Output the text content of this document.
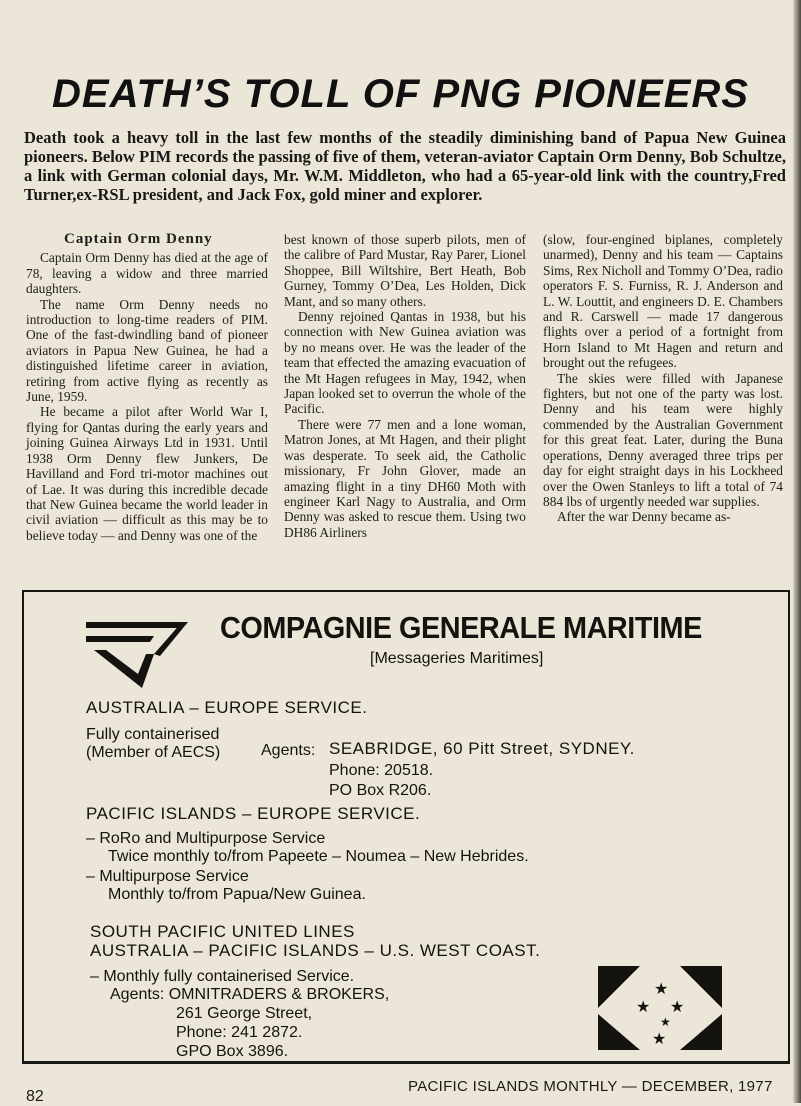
DEATH’S TOLL OF PNG PIONEERS
Death took a heavy toll in the last few months of the steadily diminishing band of Papua New Guinea pioneers. Below PIM records the passing of five of them, veteran-aviator Captain Orm Denny, Bob Schultze, a link with German colonial days, Mr. W.M. Middleton, who had a 65-year-old link with the country,Fred Turner,ex-RSL president, and Jack Fox, gold miner and explorer.
Captain Orm Denny

Captain Orm Denny has died at the age of 78, leaving a widow and three married daughters.

The name Orm Denny needs no introduction to long-time readers of PIM. One of the fast-dwindling band of pioneer aviators in Papua New Guinea, he had a distinguished lifetime career in aviation, retiring from active flying as recently as June, 1959.

He became a pilot after World War I, flying for Qantas during the early years and joining Guinea Airways Ltd in 1931. Until 1938 Orm Denny flew Junkers, De Havilland and Ford tri-motor machines out of Lae. It was during this incredible decade that New Guinea became the world leader in civil aviation — difficult as this may be to believe today — and Denny was one of the

best known of those superb pilots, men of the calibre of Pard Mustar, Ray Parer, Lionel Shoppee, Bill Wiltshire, Bert Heath, Bob Gurney, Tommy O’Dea, Les Holden, Dick Mant, and so many others.

Denny rejoined Qantas in 1938, but his connection with New Guinea aviation was by no means over. He was the leader of the team that effected the amazing evacuation of the Mt Hagen refugees in May, 1942, when Japan looked set to overrun the whole of the Pacific.

There were 77 men and a lone woman, Matron Jones, at Mt Hagen, and their plight was desperate. To seek aid, the Catholic missionary, Fr John Glover, made an amazing flight in a tiny DH60 Moth with engineer Karl Nagy to Australia, and Orm Denny was asked to rescue them. Using two DH86 Airliners

(slow, four-engined biplanes, completely unarmed), Denny and his team — Captains Sims, Rex Nicholl and Tommy O’Dea, radio operators F. S. Furniss, R. J. Anderson and L. W. Louttit, and engineers D. E. Chambers and R. Carswell — made 17 dangerous flights over a period of a fortnight from Horn Island to Mt Hagen and return and brought out the refugees.

The skies were filled with Japanese fighters, but not one of the party was lost. Denny and his team were highly commended by the Australian Government for this great feat. Later, during the Buna operations, Denny averaged three trips per day for eight straight days in his Lockheed over the Owen Stanleys to lift a total of 74 884 lbs of urgently needed war supplies.

After the war Denny became as-

COMPAGNIE GENERALE MARITIME
[Messageries Maritimes]
AUSTRALIA – EUROPE SERVICE.
Fully containerised
(Member of AECS)	Agents: SEABRIDGE, 60 Pitt Street, SYDNEY.
Phone: 20518.
PO Box R206.
PACIFIC ISLANDS – EUROPE SERVICE.
– RoRo and Multipurpose Service
Twice monthly to/from Papeete – Noumea – New Hebrides.
– Multipurpose Service
Monthly to/from Papua/New Guinea.
SOUTH PACIFIC UNITED LINES
AUSTRALIA – PACIFIC ISLANDS – U.S. WEST COAST.
– Monthly fully containerised Service.
Agents: OMNITRADERS & BROKERS,
261 George Street,
Phone: 241 2872.
GPO Box 3896.
★
★ ★
★
★
82
PACIFIC ISLANDS MONTHLY — DECEMBER, 1977
